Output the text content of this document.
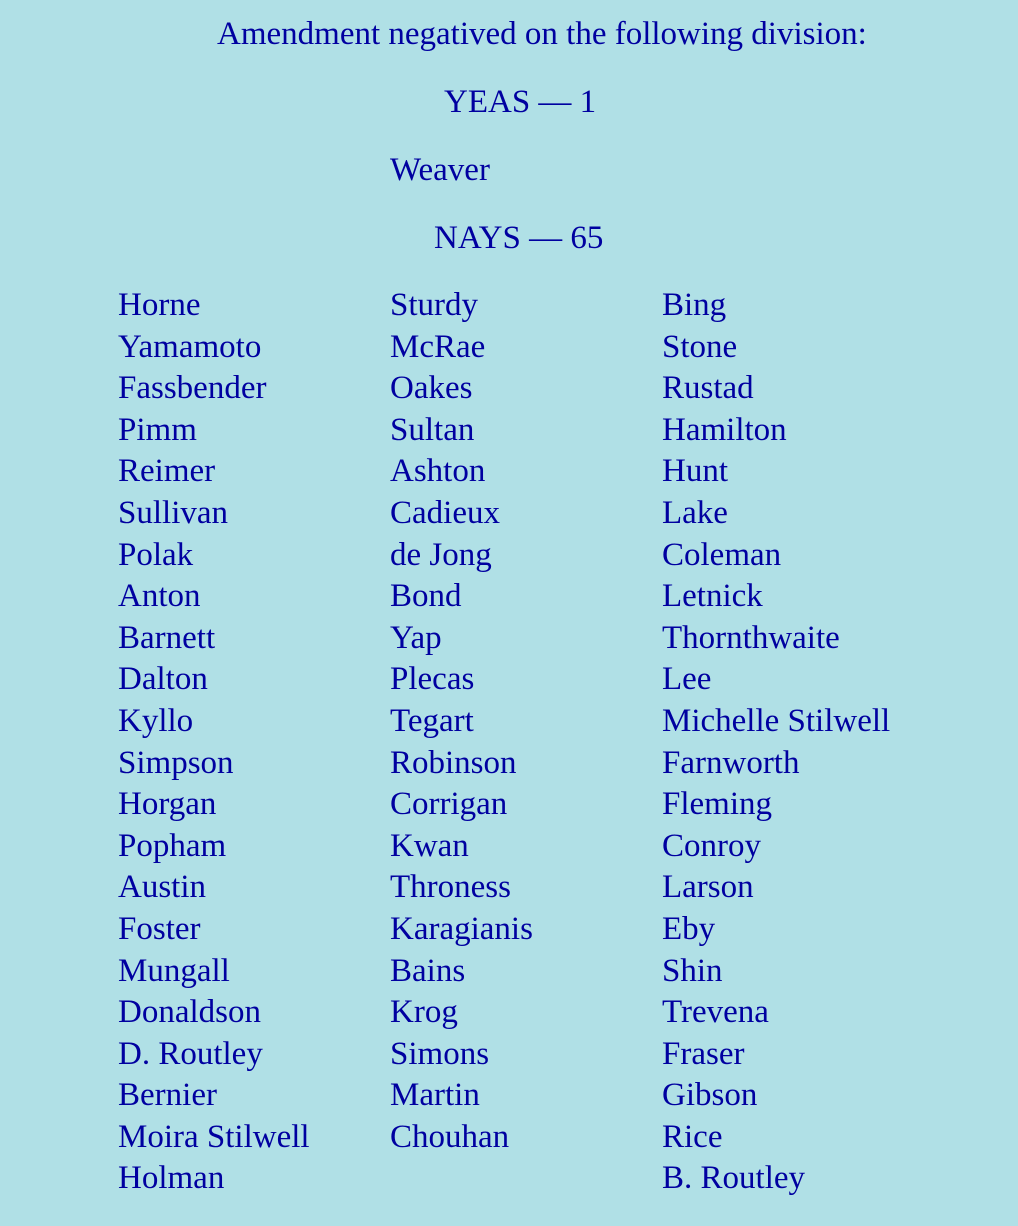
Amendment negatived on the following division:
YEAS — 1
Weaver
NAYS — 65
Horne
Yamamoto
Fassbender
Pimm
Reimer
Sullivan
Polak
Anton
Barnett
Dalton
Kyllo
Simpson
Horgan
Popham
Austin
Foster
Mungall
Donaldson
D. Routley
Bernier
Moira Stilwell
Holman
Sturdy
McRae
Oakes
Sultan
Ashton
Cadieux
de Jong
Bond
Yap
Plecas
Tegart
Robinson
Corrigan
Kwan
Throness
Karagianis
Bains
Krog
Simons
Martin
Chouhan
Bing
Stone
Rustad
Hamilton
Hunt
Lake
Coleman
Letnick
Thornthwaite
Lee
Michelle Stilwell
Farnworth
Fleming
Conroy
Larson
Eby
Shin
Trevena
Fraser
Gibson
Rice
B. Routley
